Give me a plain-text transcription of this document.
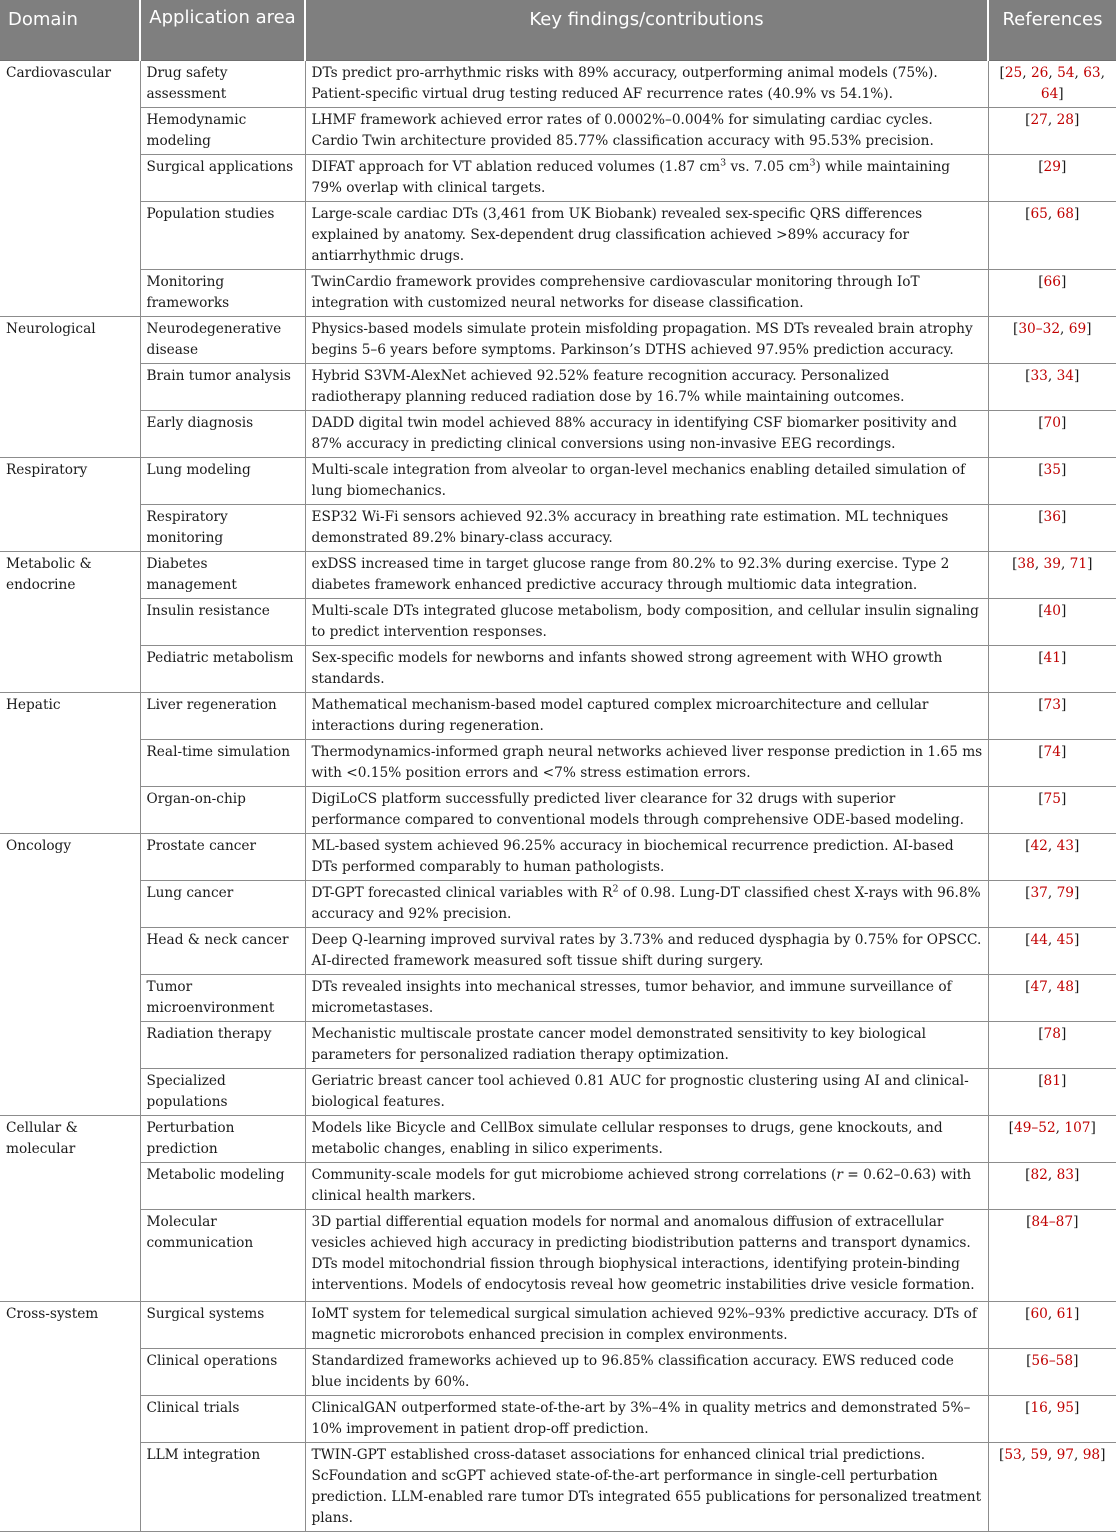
Domain	Application area	Key findings/contributions	References
Cardiovascular	Drug safety assessment	DTs predict pro-arrhythmic risks with 89% accuracy, outperforming animal models (75%). Patient-specific virtual drug testing reduced AF recurrence rates (40.9% vs 54.1%).	[25, 26, 54, 63, 64]
	Hemodynamic modeling	LHMF framework achieved error rates of 0.0002%–0.004% for simulating cardiac cycles. Cardio Twin architecture provided 85.77% classification accuracy with 95.53% precision.	[27, 28]
	Surgical applications	DIFAT approach for VT ablation reduced volumes (1.87 $cm^3$ vs. 7.05 $cm^3$) while maintaining 79% overlap with clinical targets.	[29]
	Population studies	Large-scale cardiac DTs (3,461 from UK Biobank) revealed sex-specific QRS differences explained by anatomy. Sex-dependent drug classification achieved >89% accuracy for antiarrhythmic drugs.	[65, 68]
	Monitoring frameworks	TwinCardio framework provides comprehensive cardiovascular monitoring through IoT integration with customized neural networks for disease classification.	[66]
Neurological	Neurodegenerative disease	Physics-based models simulate protein misfolding propagation. MS DTs revealed brain atrophy begins 5–6 years before symptoms. Parkinson’s DTHS achieved 97.95% prediction accuracy.	[30–32, 69]
	Brain tumor analysis	Hybrid S3VM-AlexNet achieved 92.52% feature recognition accuracy. Personalized radiotherapy planning reduced radiation dose by 16.7% while maintaining outcomes.	[33, 34]
	Early diagnosis	DADD digital twin model achieved 88% accuracy in identifying CSF biomarker positivity and 87% accuracy in predicting clinical conversions using non-invasive EEG recordings.	[70]
Respiratory	Lung modeling	Multi-scale integration from alveolar to organ-level mechanics enabling detailed simulation of lung biomechanics.	[35]
	Respiratory monitoring	ESP32 Wi-Fi sensors achieved 92.3% accuracy in breathing rate estimation. ML techniques demonstrated 89.2% binary-class accuracy.	[36]
Metabolic & endocrine	Diabetes management	exDSS increased time in target glucose range from 80.2% to 92.3% during exercise. Type 2 diabetes framework enhanced predictive accuracy through multiomic data integration.	[38, 39, 71]
	Insulin resistance	Multi-scale DTs integrated glucose metabolism, body composition, and cellular insulin signaling to predict intervention responses.	[40]
	Pediatric metabolism	Sex-specific models for newborns and infants showed strong agreement with WHO growth standards.	[41]
Hepatic	Liver regeneration	Mathematical mechanism-based model captured complex microarchitecture and cellular interactions during regeneration.	[73]
	Real-time simulation	Thermodynamics-informed graph neural networks achieved liver response prediction in 1.65 ms with <0.15% position errors and <7% stress estimation errors.	[74]
	Organ-on-chip	DigiLoCS platform successfully predicted liver clearance for 32 drugs with superior performance compared to conventional models through comprehensive ODE-based modeling.	[75]
Oncology	Prostate cancer	ML-based system achieved 96.25% accuracy in biochemical recurrence prediction. AI-based DTs performed comparably to human pathologists.	[42, 43]
	Lung cancer	DT-GPT forecasted clinical variables with $R^2$ of 0.98. Lung-DT classified chest X-rays with 96.8% accuracy and 92% precision.	[37, 79]
	Head & neck cancer	Deep Q-learning improved survival rates by 3.73% and reduced dysphagia by 0.75% for OPSCC. AI-directed framework measured soft tissue shift during surgery.	[44, 45]
	Tumor microenvironment	DTs revealed insights into mechanical stresses, tumor behavior, and immune surveillance of micrometastases.	[47, 48]
	Radiation therapy	Mechanistic multiscale prostate cancer model demonstrated sensitivity to key biological parameters for personalized radiation therapy optimization.	[78]
	Specialized populations	Geriatric breast cancer tool achieved 0.81 AUC for prognostic clustering using AI and clinical-biological features.	[81]
Cellular & molecular	Perturbation prediction	Models like Bicycle and CellBox simulate cellular responses to drugs, gene knockouts, and metabolic changes, enabling in silico experiments.	[49–52, 107]
	Metabolic modeling	Community-scale models for gut microbiome achieved strong correlations (r = 0.62–0.63) with clinical health markers.	[82, 83]
	Molecular communication	3D partial differential equation models for normal and anomalous diffusion of extracellular vesicles achieved high accuracy in predicting biodistribution patterns and transport dynamics. DTs model mitochondrial fission through biophysical interactions, identifying protein-binding interventions. Models of endocytosis reveal how geometric instabilities drive vesicle formation.	[84–87]
Cross-system	Surgical systems	IoMT system for telemedical surgical simulation achieved 92%–93% predictive accuracy. DTs of magnetic microrobots enhanced precision in complex environments.	[60, 61]
	Clinical operations	Standardized frameworks achieved up to 96.85% classification accuracy. EWS reduced code blue incidents by 60%.	[56–58]
	Clinical trials	ClinicalGAN outperformed state-of-the-art by 3%–4% in quality metrics and demonstrated 5%–10% improvement in patient drop-off prediction.	[16, 95]
	LLM integration	TWIN-GPT established cross-dataset associations for enhanced clinical trial predictions. ScFoundation and scGPT achieved state-of-the-art performance in single-cell perturbation prediction. LLM-enabled rare tumor DTs integrated 655 publications for personalized treatment plans.	[53, 59, 97, 98]
